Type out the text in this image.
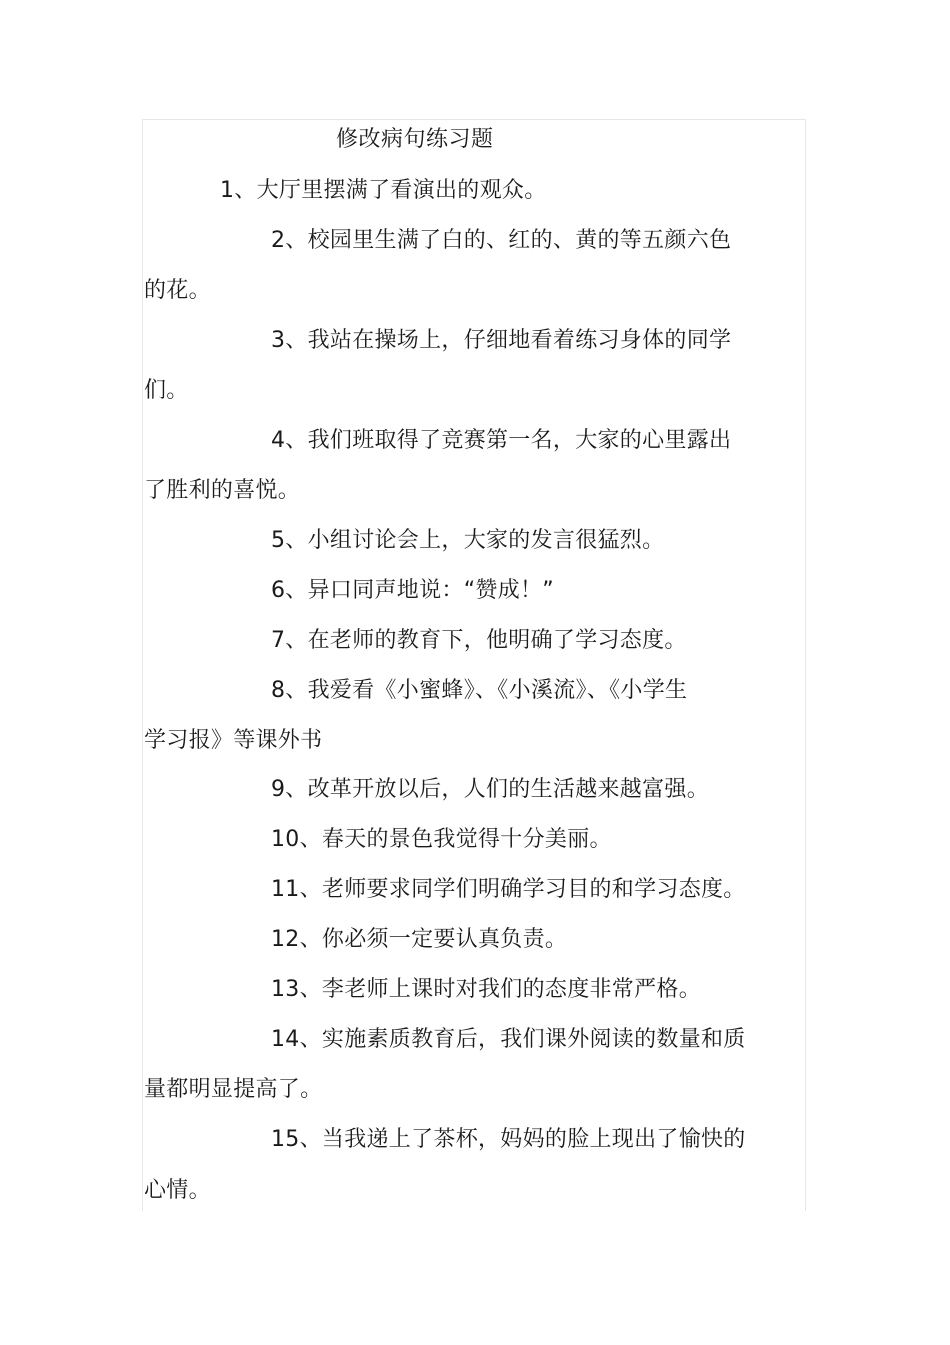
修改病句练习题
1、大厅里摆满了看演出的观众。
2、校园里生满了白的、红的、黄的等五颜六色
的花。
3、我站在操场上，仔细地看着练习身体的同学
们。
4、我们班取得了竞赛第一名，大家的心里露出
了胜利的喜悦。
5、小组讨论会上，大家的发言很猛烈。
6、异口同声地说：“赞成！”
7、在老师的教育下，他明确了学习态度。
8、我爱看《小蜜蜂》、《小溪流》、《小学生
学习报》等课外书
9、改革开放以后，人们的生活越来越富强。
10、春天的景色我觉得十分美丽。
11、老师要求同学们明确学习目的和学习态度。
12、你必须一定要认真负责。
13、李老师上课时对我们的态度非常严格。
14、实施素质教育后，我们课外阅读的数量和质
量都明显提高了。
15、当我递上了茶杯，妈妈的脸上现出了愉快的
心情。
